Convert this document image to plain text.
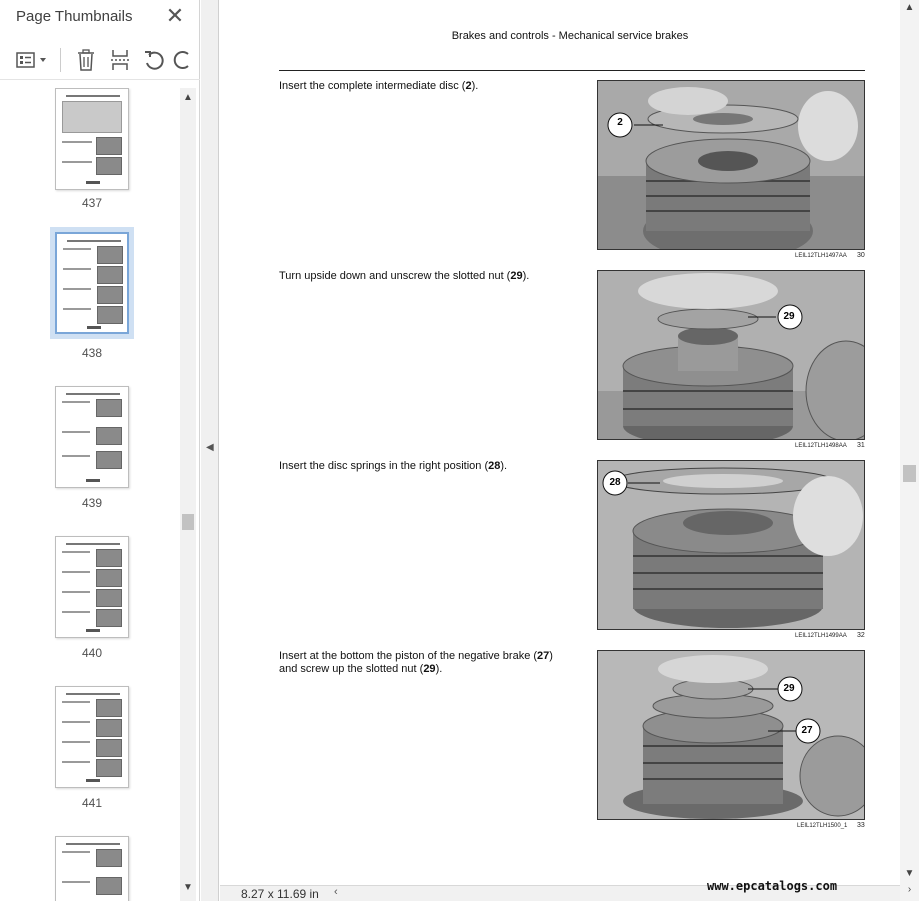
Page Thumbnails ✕
437
438
439
440
441
▲
▼
◀
Brakes and controls - Mechanical service brakes
Insert the complete intermediate disc (2).
2
LEIL12TLH1497AA 30
Turn upside down and unscrew the slotted nut (29).
29
LEIL12TLH1498AA 31
Insert the disc springs in the right position (28).
28
LEIL12TLH1499AA 32
Insert at the bottom the piston of the negative brake (27)
and screw up the slotted nut (29).
29
27
LEIL12TLH1500_1 33
8.27 x 11.69 in ‹	www.epcatalogs.com
▲
▼
›
